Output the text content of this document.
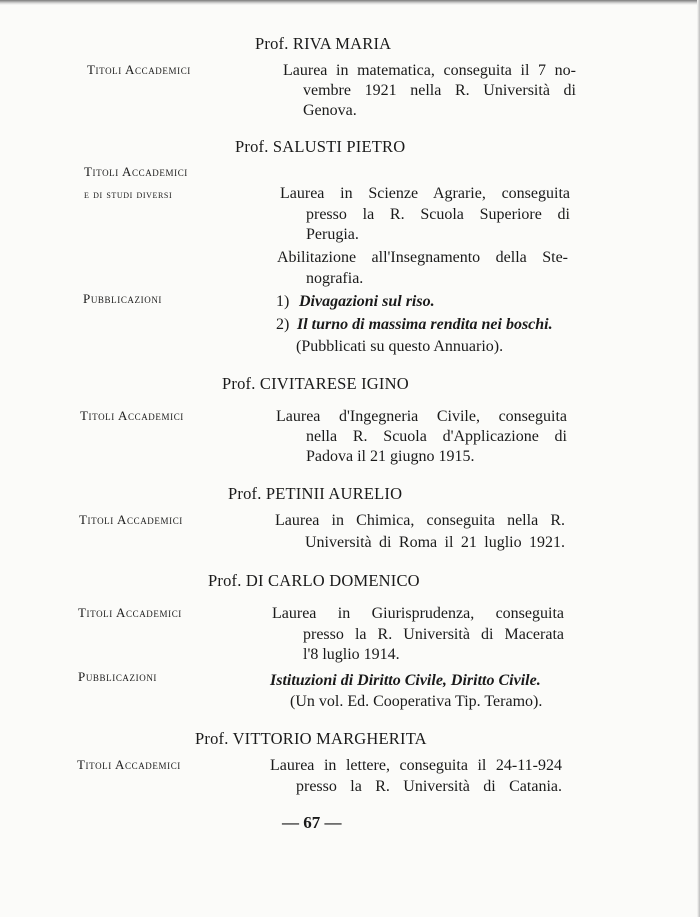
Prof. RIVA MARIA
Titoli Accademici	Laurea in matematica, conseguita il 7 no-
vembre 1921 nella R. Università di
Genova.
Prof. SALUSTI PIETRO
Titoli Accademici
e di studi diversi	Laurea in Scienze Agrarie, conseguita
presso la R. Scuola Superiore di
Perugia.
Abilitazione all'Insegnamento della Ste-
nografia.
Pubblicazioni	1) Divagazioni sul riso.
2) Il turno di massima rendita nei boschi.
(Pubblicati su questo Annuario).
Prof. CIVITARESE IGINO
Titoli Accademici	Laurea d'Ingegneria Civile, conseguita
nella R. Scuola d'Applicazione di
Padova il 21 giugno 1915.
Prof. PETINII AURELIO
Titoli Accademici	Laurea in Chimica, conseguita nella R.
Università di Roma il 21 luglio 1921.
Prof. DI CARLO DOMENICO
Titoli Accademici	Laurea in Giurisprudenza, conseguita
presso la R. Università di Macerata
l'8 luglio 1914.
Pubblicazioni	Istituzioni di Diritto Civile, Diritto Civile.
(Un vol. Ed. Cooperativa Tip. Teramo).
Prof. VITTORIO MARGHERITA
Titoli Accademici	Laurea in lettere, conseguita il 24-11-924
presso la R. Università di Catania.
— 67 —
